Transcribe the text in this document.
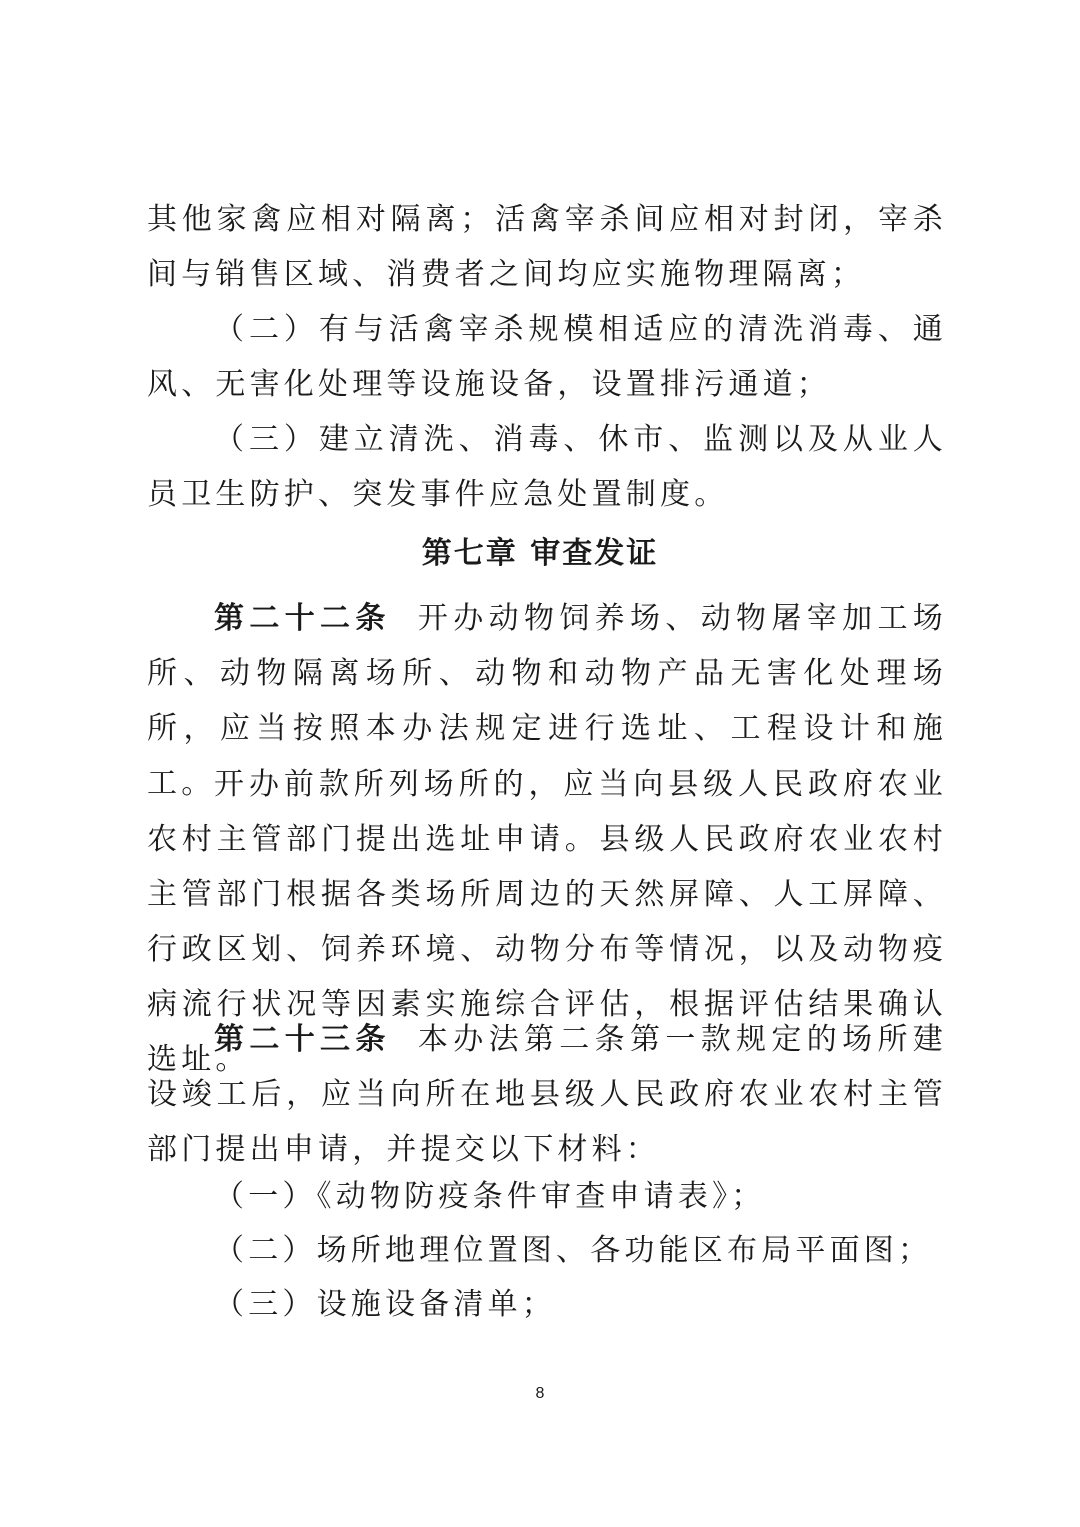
其他家禽应相对隔离；活禽宰杀间应相对封闭，宰杀间与销售区域、消费者之间均应实施物理隔离；

（二）有与活禽宰杀规模相适应的清洗消毒、通风、无害化处理等设施设备，设置排污通道；

（三）建立清洗、消毒、休市、监测以及从业人员卫生防护、突发事件应急处置制度。

第七章 审查发证

第二十二条 开办动物饲养场、动物屠宰加工场所、动物隔离场所、动物和动物产品无害化处理场所，应当按照本办法规定进行选址、工程设计和施工。

开办前款所列场所的，应当向县级人民政府农业农村主管部门提出选址申请。县级人民政府农业农村主管部门根据各类场所周边的天然屏障、人工屏障、行政区划、饲养环境、动物分布等情况，以及动物疫病流行状况等因素实施综合评估，根据评估结果确认选址。

第二十三条 本办法第二条第一款规定的场所建设竣工后，应当向所在地县级人民政府农业农村主管部门提出申请，并提交以下材料：

（一）《动物防疫条件审查申请表》；

（二）场所地理位置图、各功能区布局平面图；

（三）设施设备清单；

8
